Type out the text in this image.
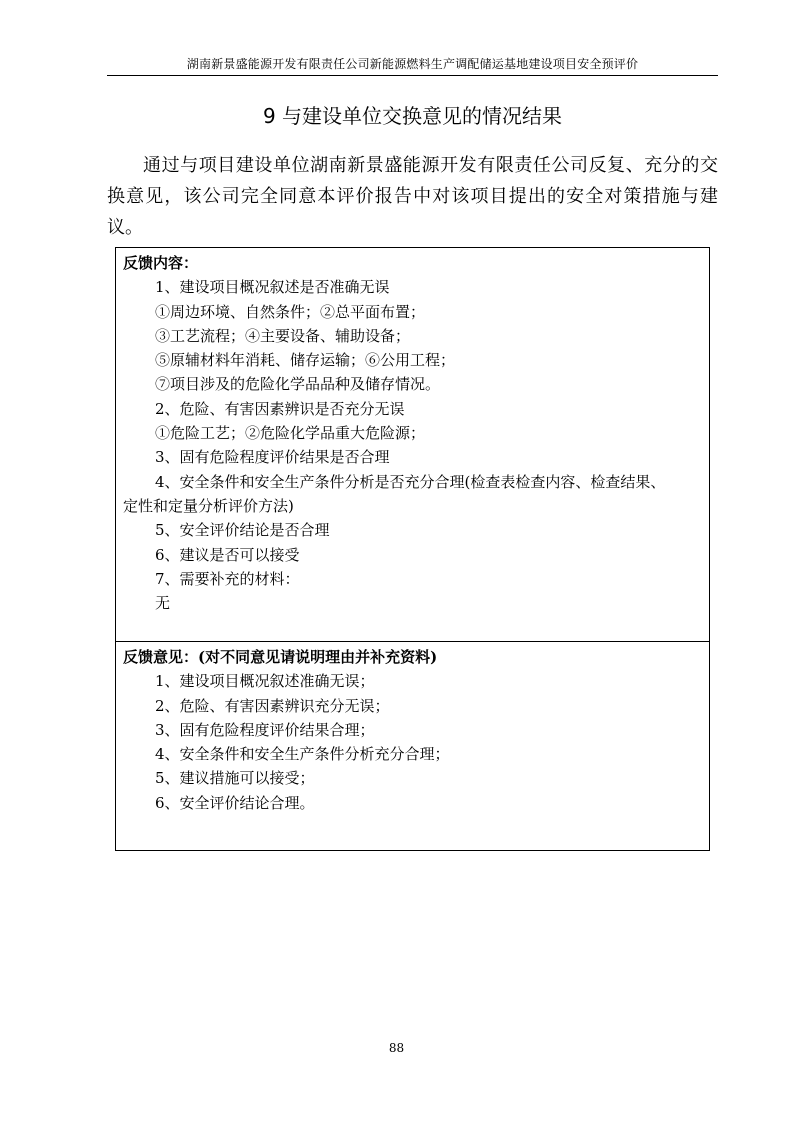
湖南新景盛能源开发有限责任公司新能源燃料生产调配储运基地建设项目安全预评价
9 与建设单位交换意见的情况结果

通过与项目建设单位湖南新景盛能源开发有限责任公司反复、充分的交换意见，该公司完全同意本评价报告中对该项目提出的安全对策措施与建议。

反馈内容：
1、建设项目概况叙述是否准确无误
①周边环境、自然条件；②总平面布置；
③工艺流程；④主要设备、辅助设备；
⑤原辅材料年消耗、储存运输；⑥公用工程；
⑦项目涉及的危险化学品品种及储存情况。
2、危险、有害因素辨识是否充分无误
①危险工艺；②危险化学品重大危险源；
3、固有危险程度评价结果是否合理
4、安全条件和安全生产条件分析是否充分合理(检查表检查内容、检查结果、
定性和定量分析评价方法)
5、安全评价结论是否合理
6、建议是否可以接受
7、需要补充的材料：
无

反馈意见：(对不同意见请说明理由并补充资料)
1、建设项目概况叙述准确无误；
2、危险、有害因素辨识充分无误；
3、固有危险程度评价结果合理；
4、安全条件和安全生产条件分析充分合理；
5、建议措施可以接受；
6、安全评价结论合理。
88
